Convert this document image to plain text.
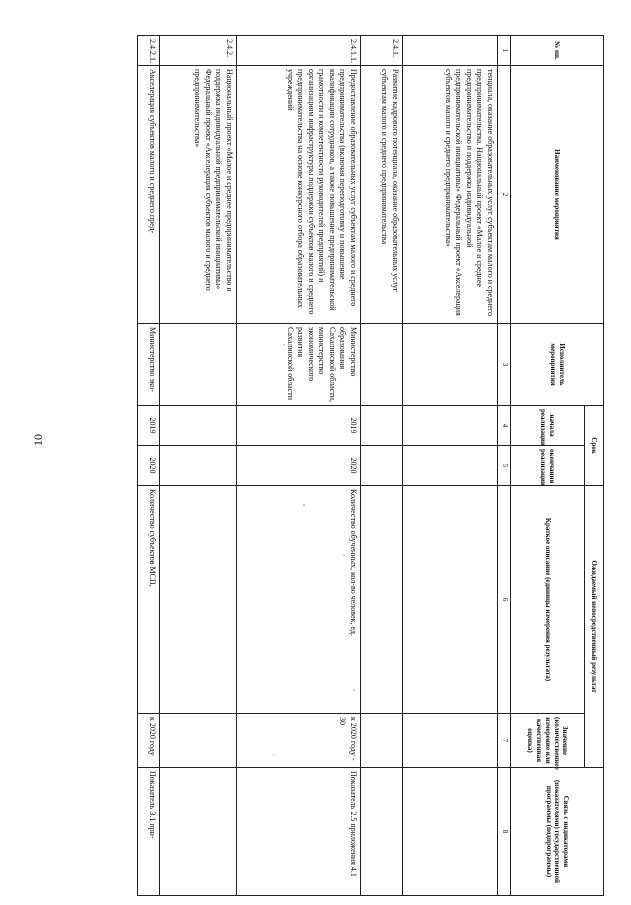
10
№ пп.	Наименование мероприятия	Исполнитель мероприятия	Срок		Ожидаемый непосредственный результат		Связь с индикаторами (показателями) государственной программы (подпрограммы)
			начала реализации	окончания реализации	Краткое описание (единицы измерения результата)	Значение (количественное измерение или качественная оценка)	
1	2	3	4	5	6	7	8
	тенциала, оказание образовательных услуг субъектам малого и среднего предпринимательства. Национальный проект «Малое и среднее предпринимательство и поддержка индивидуальной предпринимательской инициативы» Федеральный проект «Акселерация субъектов малого и среднего предпринимательства»						
2.4.1.	Развитие кадрового потенциала, оказание образовательных услуг субъектам малого и среднего предпринимательства						
2.4.1.1.	Предоставление образовательных услуг субъектам малого и среднего предпринимательства (включая переподготовку и повышение квалификации сотрудников, а также повышение предпринимательской грамотности и компетентности руководителей предприятий) и организациям инфраструктуры поддержки субъектов малого и среднего предпринимательства на основе конкурсного отбора образовательных учреждений	Министерство образования Сахалинской области, министерство экономического развития Сахалинской области	2019	2020	Количество обученных, кол-во человек, ед.	к 2020 году - 30	Показатель 2.5 приложения 4.1
2.4.2.	Национальный проект «Малое и среднее предпринимательство и поддержка индивидуальной предпринимательской инициативы» Федеральный проект «Акселерация субъектов малого и среднего предпринимательства»						
2.4.2.1.	Акселерация субъектов малого и среднего пред-	Министерство эко-	2019	2020	Количество субъектов МСП,	к 2020 году	Показатель 3.1 при-
